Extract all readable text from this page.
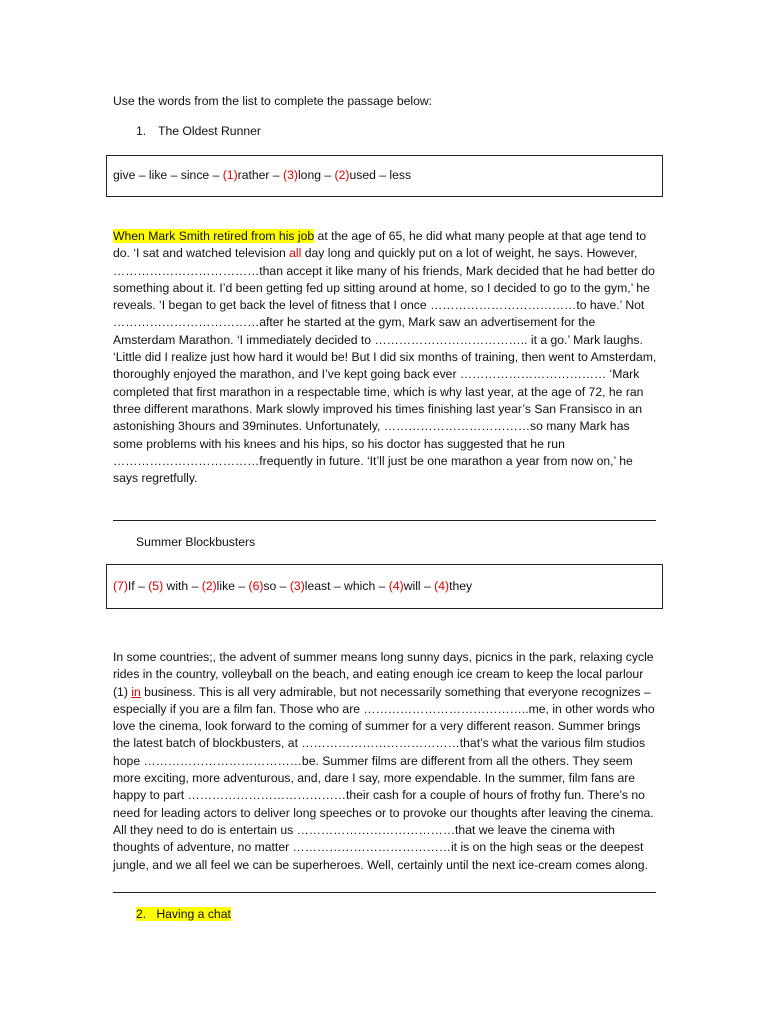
Use the words from the list to complete the passage below:
1. The Oldest Runner
give – like – since – (1)rather – (3)long – (2)used – less

When Mark Smith retired from his job at the age of 65, he did what many people at that age tend to do. ‘I sat and watched television all day long and quickly put on a lot of weight, he says. However, ………………………………than accept it like many of his friends, Mark decided that he had better do something about it. I’d been getting fed up sitting around at home, so I decided to go to the gym,’ he reveals. ‘I began to get back the level of fitness that I once ………………………………to have.’ Not ………………………………after he started at the gym, Mark saw an advertisement for the Amsterdam Marathon. ‘I immediately decided to ……………………………….. it a go.’ Mark laughs. ‘Little did I realize just how hard it would be! But I did six months of training, then went to Amsterdam, thoroughly enjoyed the marathon, and I’ve kept going back ever ……………………………… ‘Mark completed that first marathon in a respectable time, which is why last year, at the age of 72, he ran three different marathons. Mark slowly improved his times finishing last year’s San Fransisco in an astonishing 3hours and 39minutes. Unfortunately, ………………………………so many Mark has some problems with his knees and his hips, so his doctor has suggested that he run ………………………………frequently in future. ‘It’ll just be one marathon a year from now on,’ he says regretfully.

Summer Blockbusters
(7)If – (5) with – (2)like – (6)so – (3)least – which – (4)will – (4)they

In some countries;, the advent of summer means long sunny days, picnics in the park, relaxing cycle rides in the country, volleyball on the beach, and eating enough ice cream to keep the local parlour (1) in business. This is all very admirable, but not necessarily something that everyone recognizes – especially if you are a film fan. Those who are …………………………………..me, in other words who love the cinema, look forward to the coming of summer for a very different reason. Summer brings the latest batch of blockbusters, at …………………………………that’s what the various film studios hope …………………………………be. Summer films are different from all the others. They seem more exciting, more adventurous, and, dare I say, more expendable. In the summer, film fans are happy to part …………………………………their cash for a couple of hours of frothy fun. There’s no need for leading actors to deliver long speeches or to provoke our thoughts after leaving the cinema. All they need to do is entertain us …………………………………that we leave the cinema with thoughts of adventure, no matter …………………………………it is on the high seas or the deepest jungle, and we all feel we can be superheroes. Well, certainly until the next ice-cream comes along.

2. Having a chat
